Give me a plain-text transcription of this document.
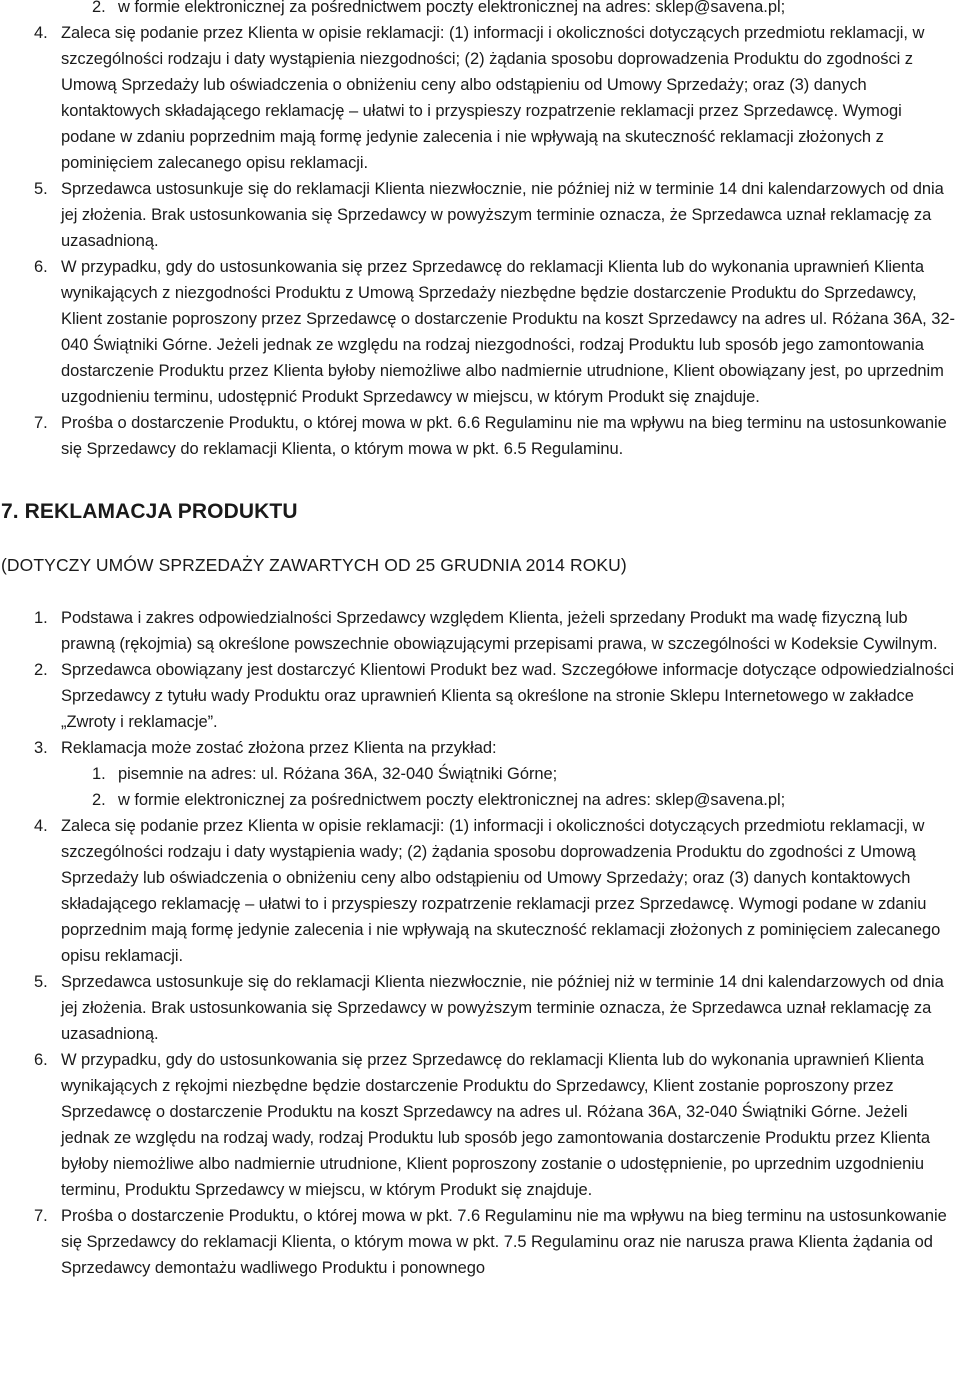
2. w formie elektronicznej za pośrednictwem poczty elektronicznej na adres: sklep@savena.pl;
4. Zaleca się podanie przez Klienta w opisie reklamacji: (1) informacji i okoliczności dotyczących przedmiotu reklamacji, w szczególności rodzaju i daty wystąpienia niezgodności; (2) żądania sposobu doprowadzenia Produktu do zgodności z Umową Sprzedaży lub oświadczenia o obniżeniu ceny albo odstąpieniu od Umowy Sprzedaży; oraz (3) danych kontaktowych składającego reklamację – ułatwi to i przyspieszy rozpatrzenie reklamacji przez Sprzedawcę. Wymogi podane w zdaniu poprzednim mają formę jedynie zalecenia i nie wpływają na skuteczność reklamacji złożonych z pominięciem zalecanego opisu reklamacji.
5. Sprzedawca ustosunkuje się do reklamacji Klienta niezwłocznie, nie później niż w terminie 14 dni kalendarzowych od dnia jej złożenia. Brak ustosunkowania się Sprzedawcy w powyższym terminie oznacza, że Sprzedawca uznał reklamację za uzasadnioną.
6. W przypadku, gdy do ustosunkowania się przez Sprzedawcę do reklamacji Klienta lub do wykonania uprawnień Klienta wynikających z niezgodności Produktu z Umową Sprzedaży niezbędne będzie dostarczenie Produktu do Sprzedawcy, Klient zostanie poproszony przez Sprzedawcę o dostarczenie Produktu na koszt Sprzedawcy na adres ul. Różana 36A, 32-040 Świątniki Górne. Jeżeli jednak ze względu na rodzaj niezgodności, rodzaj Produktu lub sposób jego zamontowania dostarczenie Produktu przez Klienta byłoby niemożliwe albo nadmiernie utrudnione, Klient obowiązany jest, po uprzednim uzgodnieniu terminu, udostępnić Produkt Sprzedawcy w miejscu, w którym Produkt się znajduje.
7. Prośba o dostarczenie Produktu, o której mowa w pkt. 6.6 Regulaminu nie ma wpływu na bieg terminu na ustosunkowanie się Sprzedawcy do reklamacji Klienta, o którym mowa w pkt. 6.5 Regulaminu.
7. REKLAMACJA PRODUKTU
(DOTYCZY UMÓW SPRZEDAŻY ZAWARTYCH OD 25 GRUDNIA 2014 ROKU)
1. Podstawa i zakres odpowiedzialności Sprzedawcy względem Klienta, jeżeli sprzedany Produkt ma wadę fizyczną lub prawną (rękojmia) są określone powszechnie obowiązującymi przepisami prawa, w szczególności w Kodeksie Cywilnym.
2. Sprzedawca obowiązany jest dostarczyć Klientowi Produkt bez wad. Szczegółowe informacje dotyczące odpowiedzialności Sprzedawcy z tytułu wady Produktu oraz uprawnień Klienta są określone na stronie Sklepu Internetowego w zakładce „Zwroty i reklamacje”.
3. Reklamacja może zostać złożona przez Klienta na przykład:
1. pisemnie na adres: ul. Różana 36A, 32-040 Świątniki Górne;
2. w formie elektronicznej za pośrednictwem poczty elektronicznej na adres: sklep@savena.pl;
4. Zaleca się podanie przez Klienta w opisie reklamacji: (1) informacji i okoliczności dotyczących przedmiotu reklamacji, w szczególności rodzaju i daty wystąpienia wady; (2) żądania sposobu doprowadzenia Produktu do zgodności z Umową Sprzedaży lub oświadczenia o obniżeniu ceny albo odstąpieniu od Umowy Sprzedaży; oraz (3) danych kontaktowych składającego reklamację – ułatwi to i przyspieszy rozpatrzenie reklamacji przez Sprzedawcę. Wymogi podane w zdaniu poprzednim mają formę jedynie zalecenia i nie wpływają na skuteczność reklamacji złożonych z pominięciem zalecanego opisu reklamacji.
5. Sprzedawca ustosunkuje się do reklamacji Klienta niezwłocznie, nie później niż w terminie 14 dni kalendarzowych od dnia jej złożenia. Brak ustosunkowania się Sprzedawcy w powyższym terminie oznacza, że Sprzedawca uznał reklamację za uzasadnioną.
6. W przypadku, gdy do ustosunkowania się przez Sprzedawcę do reklamacji Klienta lub do wykonania uprawnień Klienta wynikających z rękojmi niezbędne będzie dostarczenie Produktu do Sprzedawcy, Klient zostanie poproszony przez Sprzedawcę o dostarczenie Produktu na koszt Sprzedawcy na adres ul. Różana 36A, 32-040 Świątniki Górne. Jeżeli jednak ze względu na rodzaj wady, rodzaj Produktu lub sposób jego zamontowania dostarczenie Produktu przez Klienta byłoby niemożliwe albo nadmiernie utrudnione, Klient poproszony zostanie o udostępnienie, po uprzednim uzgodnieniu terminu, Produktu Sprzedawcy w miejscu, w którym Produkt się znajduje.
7. Prośba o dostarczenie Produktu, o której mowa w pkt. 7.6 Regulaminu nie ma wpływu na bieg terminu na ustosunkowanie się Sprzedawcy do reklamacji Klienta, o którym mowa w pkt. 7.5 Regulaminu oraz nie narusza prawa Klienta żądania od Sprzedawcy demontażu wadliwego Produktu i ponownego
